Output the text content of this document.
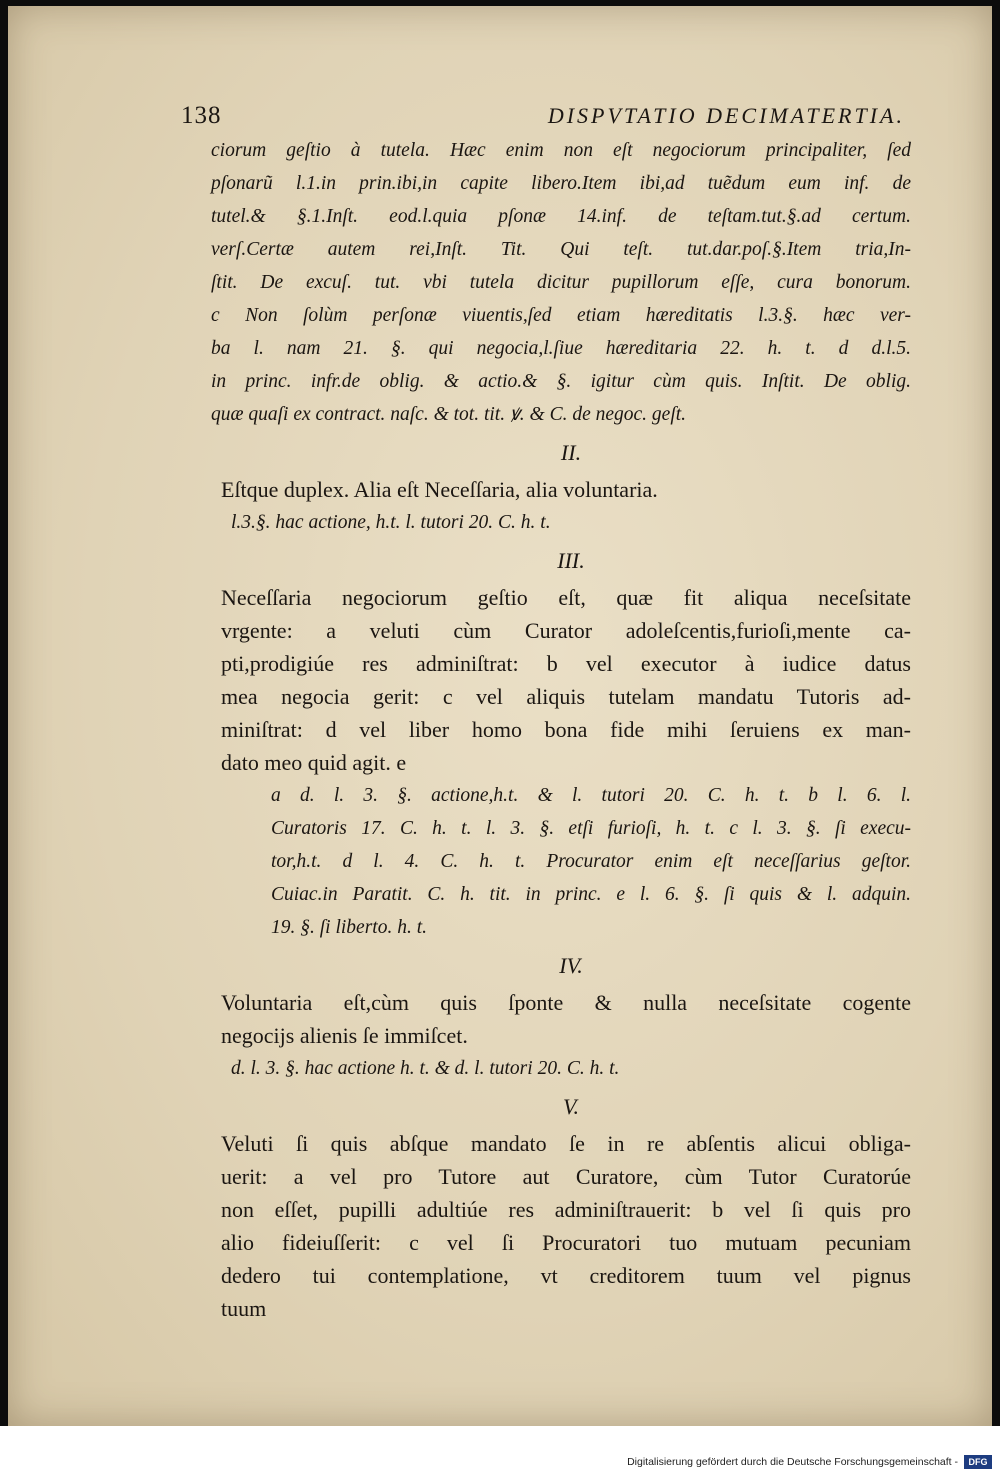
138	DISPVTATIO DECIMATERTIA.

ciorum geſtio à tutela. Hæc enim non eſt negociorum principaliter, ſed

pſonarũ l.1.in prin.ibi,in capite libero.Item ibi,ad tuẽdum eum inf. de

tutel.& §.1.Inſt. eod.l.quia pſonæ 14.inf. de teſtam.tut.§.ad certum.

verſ.Certæ autem rei,Inſt. Tit. Qui teſt. tut.dar.poſ.§.Item tria,In-

ſtit. De excuſ. tut. vbi tutela dicitur pupillorum eſſe, cura bonorum.

c Non ſolùm perſonæ viuentis,ſed etiam hæreditatis l.3.§. hæc ver-

ba l. nam 21. §. qui negocia,l.ſiue hæreditaria 22. h. t. d d.l.5.

in princ. infr.de oblig. & actio.& §. igitur cùm quis. Inſtit. De oblig.

quæ quaſi ex contract. naſc. & tot. tit. ꝟ. & C. de negoc. geſt.

II.

Eſtque duplex. Alia eſt Neceſſaria, alia voluntaria.

l.3.§. hac actione, h.t. l. tutori 20. C. h. t.

III.

Neceſſaria negociorum geſtio eſt, quæ fit aliqua neceſsitate

vrgente: a veluti cùm Curator adoleſcentis,furioſi,mente ca-

pti,prodigiúe res adminiſtrat: b vel executor à iudice datus

mea negocia gerit: c vel aliquis tutelam mandatu Tutoris ad-

miniſtrat: d vel liber homo bona fide mihi ſeruiens ex man-

dato meo quid agit. e

a d. l. 3. §. actione,h.t. & l. tutori 20. C. h. t. b l. 6. l.

Curatoris 17. C. h. t. l. 3. §. etſi furioſi, h. t. c l. 3. §. ſi execu-

tor,h.t. d l. 4. C. h. t. Procurator enim eſt neceſſarius geſtor.

Cuiac.in Paratit. C. h. tit. in princ. e l. 6. §. ſi quis & l. adquin.

19. §. ſi liberto. h. t.

IV.

Voluntaria eſt,cùm quis ſponte & nulla neceſsitate cogente

negocijs alienis ſe immiſcet.

d. l. 3. §. hac actione h. t. & d. l. tutori 20. C. h. t.

V.

Veluti ſi quis abſque mandato ſe in re abſentis alicui obliga-

uerit: a vel pro Tutore aut Curatore, cùm Tutor Curatorúe

non eſſet, pupilli adultiúe res adminiſtrauerit: b vel ſi quis pro

alio fideiuſſerit: c vel ſi Procuratori tuo mutuam pecuniam

dedero tui contemplatione, vt creditorem tuum vel pignus

tuum

Digitalisierung gefördert durch die Deutsche Forschungsgemeinschaft -	DFG
